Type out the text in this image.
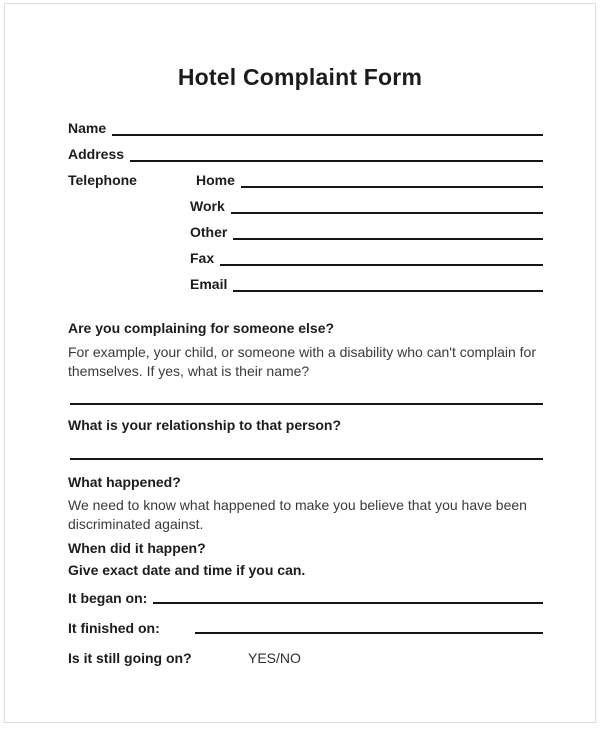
Hotel Complaint Form
Name
Address
Telephone	Home
Work
Other
Fax
Email
Are you complaining for someone else?
For example, your child, or someone with a disability who can't complain for
themselves. If yes, what is their name?
What is your relationship to that person?
What happened?
We need to know what happened to make you believe that you have been
discriminated against.
When did it happen?
Give exact date and time if you can.
It began on:
It finished on:
Is it still going on?	YES/NO
